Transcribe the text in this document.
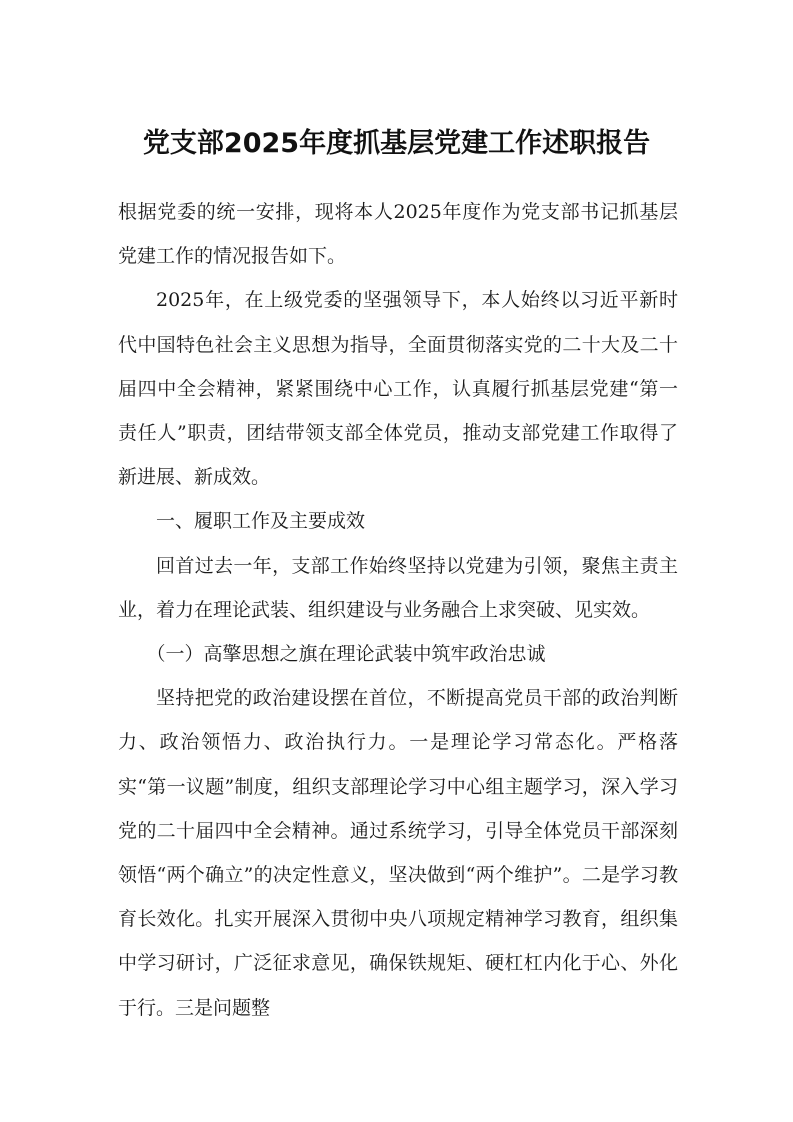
党支部2025年度抓基层党建工作述职报告

根据党委的统一安排，现将本人2025年度作为党支部书记抓基层党建工作的情况报告如下。

2025年，在上级党委的坚强领导下，本人始终以习近平新时代中国特色社会主义思想为指导，全面贯彻落实党的二十大及二十届四中全会精神，紧紧围绕中心工作，认真履行抓基层党建“第一责任人”职责，团结带领支部全体党员，推动支部党建工作取得了新进展、新成效。

一、履职工作及主要成效

回首过去一年，支部工作始终坚持以党建为引领，聚焦主责主业，着力在理论武装、组织建设与业务融合上求突破、见实效。

（一）高擎思想之旗在理论武装中筑牢政治忠诚

坚持把党的政治建设摆在首位，不断提高党员干部的政治判断力、政治领悟力、政治执行力。一是理论学习常态化。严格落实“第一议题”制度，组织支部理论学习中心组主题学习，深入学习党的二十届四中全会精神。通过系统学习，引导全体党员干部深刻领悟“两个确立”的决定性意义，坚决做到“两个维护”。二是学习教育长效化。扎实开展深入贯彻中央八项规定精神学习教育，组织集中学习研讨，广泛征求意见，确保铁规矩、硬杠杠内化于心、外化于行。三是问题整
